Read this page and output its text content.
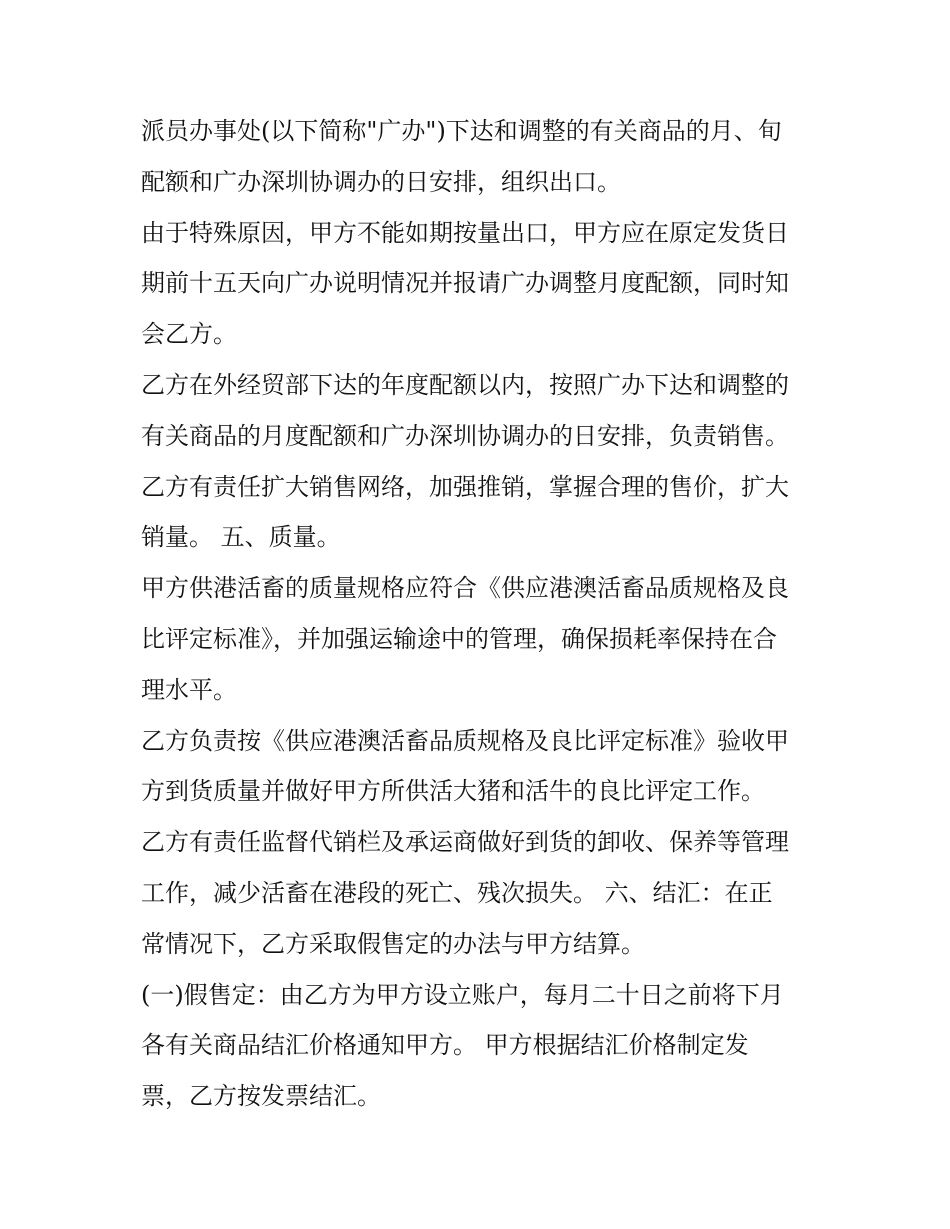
派员办事处(以下简称"广办")下达和调整的有关商品的月、旬
配额和广办深圳协调办的日安排，组织出口。
由于特殊原因，甲方不能如期按量出口，甲方应在原定发货日
期前十五天向广办说明情况并报请广办调整月度配额，同时知
会乙方。
乙方在外经贸部下达的年度配额以内，按照广办下达和调整的
有关商品的月度配额和广办深圳协调办的日安排，负责销售。
乙方有责任扩大销售网络，加强推销，掌握合理的售价，扩大
销量。 五、质量。
甲方供港活畜的质量规格应符合《供应港澳活畜品质规格及良
比评定标准》，并加强运输途中的管理，确保损耗率保持在合
理水平。
乙方负责按《供应港澳活畜品质规格及良比评定标准》验收甲
方到货质量并做好甲方所供活大猪和活牛的良比评定工作。
乙方有责任监督代销栏及承运商做好到货的卸收、保养等管理
工作，减少活畜在港段的死亡、残次损失。 六、结汇：在正
常情况下，乙方采取假售定的办法与甲方结算。
(一)假售定：由乙方为甲方设立账户，每月二十日之前将下月
各有关商品结汇价格通知甲方。 甲方根据结汇价格制定发
票，乙方按发票结汇。
